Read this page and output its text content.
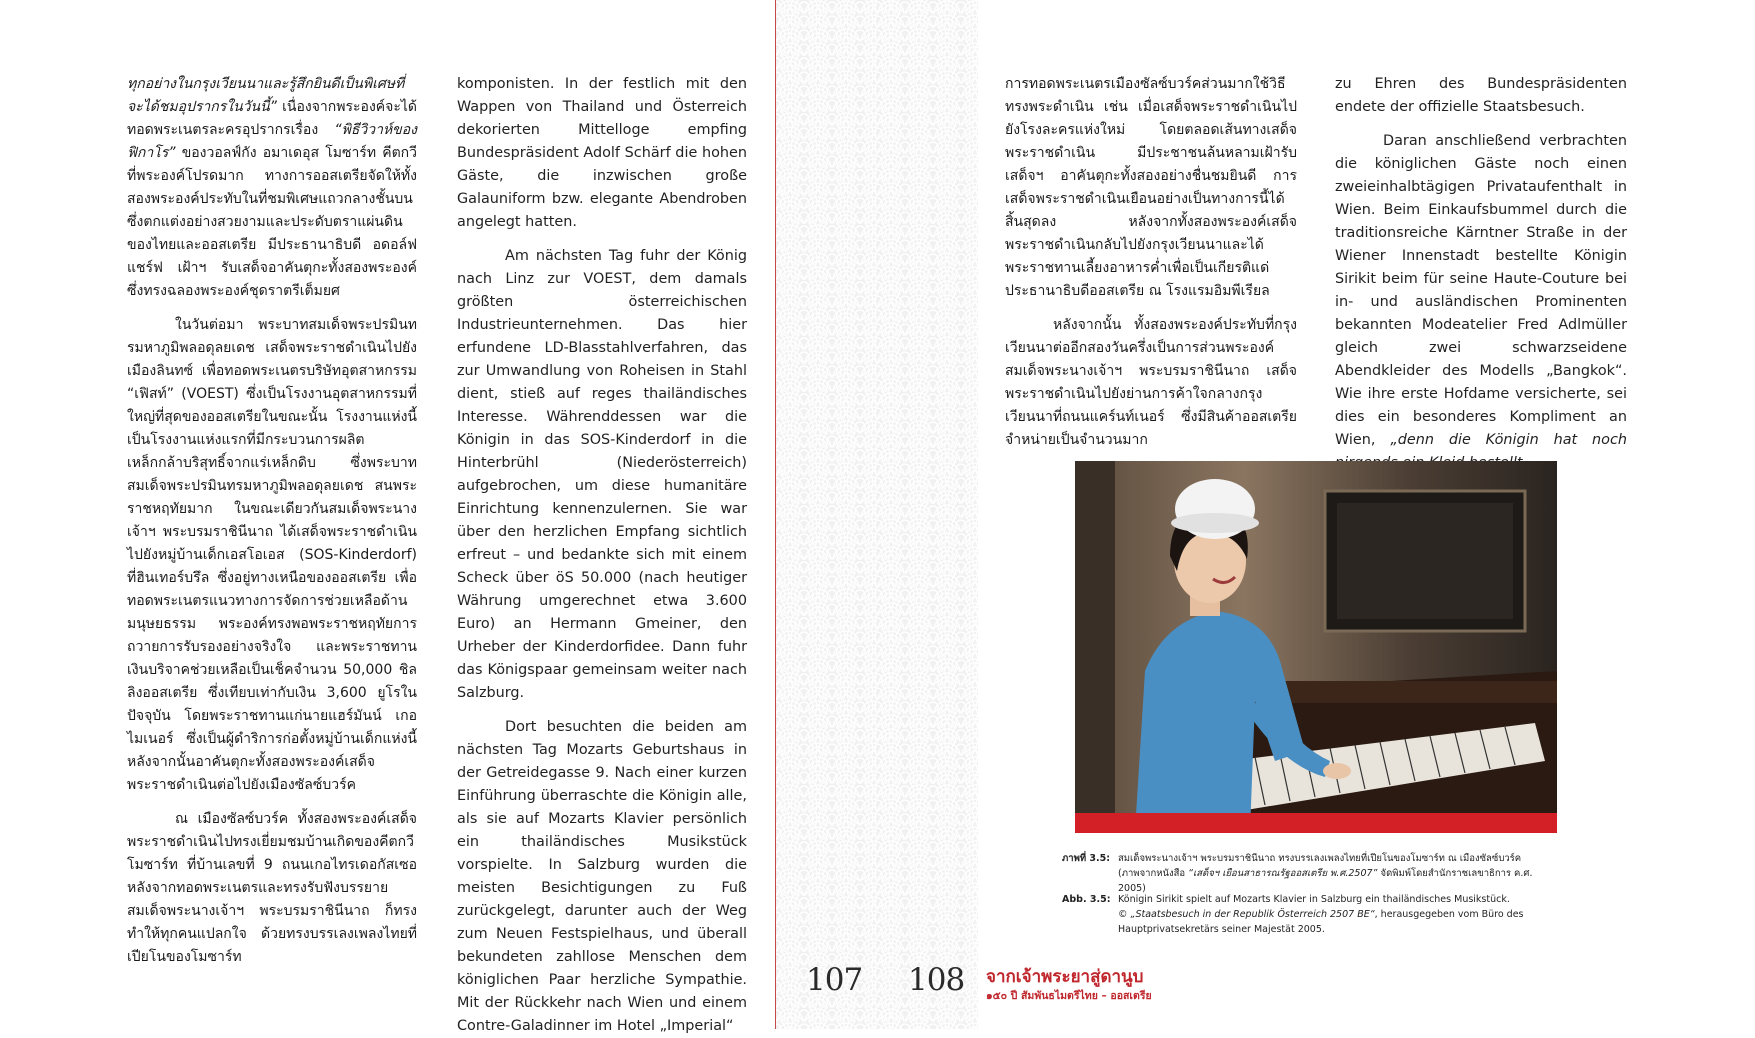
ทุกอย่างในกรุงเวียนนาและรู้สึกยินดีเป็นพิเศษที่จะได้ชมอุปรากรในวันนี้” เนื่องจากพระองค์จะได้ทอดพระเนตรละครอุปรากรเรื่อง “พิธีวิวาห์ของฟิกาโร” ของวอลฟ์กัง อมาเดอุส โมซาร์ท คีตกวีที่พระองค์โปรดมาก ทางการออสเตรียจัดให้ทั้งสองพระองค์ประทับในที่ชมพิเศษแถวกลางชั้นบนซึ่งตกแต่งอย่างสวยงามและประดับตราแผ่นดินของไทยและออสเตรีย มีประธานาธิบดี อดอล์ฟ แชร์ฟ เฝ้าฯ รับเสด็จอาคันตุกะทั้งสองพระองค์ ซึ่งทรงฉลองพระองค์ชุดราตรีเต็มยศ

ในวันต่อมา พระบาทสมเด็จพระปรมินทรมหาภูมิพลอดุลยเดช เสด็จพระราชดำเนินไปยังเมืองลินทซ์ เพื่อทอดพระเนตรบริษัทอุตสาหกรรม “เฟิสท์” (VOEST) ซึ่งเป็นโรงงานอุตสาหกรรมที่ใหญ่ที่สุดของออสเตรียในขณะนั้น โรงงานแห่งนี้เป็นโรงงานแห่งแรกที่มีกระบวนการผลิตเหล็กกล้าบริสุทธิ์จากแร่เหล็กดิบ ซึ่งพระบาทสมเด็จพระปรมินทรมหาภูมิพลอดุลยเดช สนพระราชหฤทัยมาก ในขณะเดียวกันสมเด็จพระนางเจ้าฯ พระบรมราชินีนาถ ได้เสด็จพระราชดำเนินไปยังหมู่บ้านเด็กเอสโอเอส (SOS-Kinderdorf) ที่ฮินเทอร์บรึล ซึ่งอยู่ทางเหนือของออสเตรีย เพื่อทอดพระเนตรแนวทางการจัดการช่วยเหลือด้านมนุษยธรรม พระองค์ทรงพอพระราชหฤทัยการถวายการรับรองอย่างจริงใจ และพระราชทานเงินบริจาคช่วยเหลือเป็นเช็คจำนวน 50,000 ชิลลิงออสเตรีย ซึ่งเทียบเท่ากับเงิน 3,600 ยูโรในปัจจุบัน โดยพระราชทานแก่นายแฮร์มันน์ เกอไมเนอร์ ซึ่งเป็นผู้ดำริการก่อตั้งหมู่บ้านเด็กแห่งนี้ หลังจากนั้นอาคันตุกะทั้งสองพระองค์เสด็จพระราชดำเนินต่อไปยังเมืองซัลซ์บวร์ค

ณ เมืองซัลซ์บวร์ค ทั้งสองพระองค์เสด็จพระราชดำเนินไปทรงเยี่ยมชมบ้านเกิดของคีตกวีโมซาร์ท ที่บ้านเลขที่ 9 ถนนเกอไทรเดอกัสเซอ หลังจากทอดพระเนตรและทรงรับฟังบรรยาย สมเด็จพระนางเจ้าฯ พระบรมราชินีนาถ ก็ทรงทำให้ทุกคนแปลกใจ ด้วยทรงบรรเลงเพลงไทยที่เปียโนของโมซาร์ท

komponisten. In der festlich mit den Wappen von Thailand und Österreich dekorierten Mittelloge empfing Bundespräsident Adolf Schärf die hohen Gäste, die inzwischen große Galauniform bzw. elegante Abendroben angelegt hatten.

Am nächsten Tag fuhr der König nach Linz zur VOEST, dem damals größten österreichischen Industrieunternehmen. Das hier erfundene LD-Blasstahlverfahren, das zur Umwandlung von Roheisen in Stahl dient, stieß auf reges thailändisches Interesse. Währenddessen war die Königin in das SOS-Kinderdorf in die Hinterbrühl (Niederösterreich) aufgebrochen, um diese humanitäre Einrichtung kennenzulernen. Sie war über den herzlichen Empfang sichtlich erfreut – und bedankte sich mit einem Scheck über öS 50.000 (nach heutiger Währung umgerechnet etwa 3.600 Euro) an Hermann Gmeiner, den Urheber der Kinderdorfidee. Dann fuhr das Königspaar gemeinsam weiter nach Salzburg.

Dort besuchten die beiden am nächsten Tag Mozarts Geburtshaus in der Getreidegasse 9. Nach einer kurzen Einführung überraschte die Königin alle, als sie auf Mozarts Klavier persönlich ein thailändisches Musikstück vorspielte. In Salzburg wurden die meisten Besichtigungen zu Fuß zurückgelegt, darunter auch der Weg zum Neuen Festspielhaus, und überall bekundeten zahllose Menschen dem königlichen Paar herzliche Sympathie. Mit der Rückkehr nach Wien und einem Contre-Galadinner im Hotel „Imperial“

107 108

การทอดพระเนตรเมืองซัลซ์บวร์คส่วนมากใช้วิธีทรงพระดำเนิน เช่น เมื่อเสด็จพระราชดำเนินไปยังโรงละครแห่งใหม่ โดยตลอดเส้นทางเสด็จพระราชดำเนิน มีประชาชนล้นหลามเฝ้ารับเสด็จฯ อาคันตุกะทั้งสองอย่างชื่นชมยินดี การเสด็จพระราชดำเนินเยือนอย่างเป็นทางการนี้ได้สิ้นสุดลง หลังจากทั้งสองพระองค์เสด็จพระราชดำเนินกลับไปยังกรุงเวียนนาและได้พระราชทานเลี้ยงอาหารค่ำเพื่อเป็นเกียรติแด่ประธานาธิบดีออสเตรีย ณ โรงแรมอิมพีเรียล

หลังจากนั้น ทั้งสองพระองค์ประทับที่กรุงเวียนนาต่ออีกสองวันครึ่งเป็นการส่วนพระองค์ สมเด็จพระนางเจ้าฯ พระบรมราชินีนาถ เสด็จพระราชดำเนินไปยังย่านการค้าใจกลางกรุงเวียนนาที่ถนนแคร์นท์เนอร์ ซึ่งมีสินค้าออสเตรียจำหน่ายเป็นจำนวนมาก

zu Ehren des Bundespräsidenten endete der offizielle Staatsbesuch.

Daran anschließend verbrachten die königlichen Gäste noch einen zweieinhalbtägigen Privataufenthalt in Wien. Beim Einkaufsbummel durch die traditionsreiche Kärntner Straße in der Wiener Innenstadt bestellte Königin Sirikit beim für seine Haute-Couture bei in- und ausländischen Prominenten bekannten Modeatelier Fred Adlmüller gleich zwei schwarzseidene Abendkleider des Modells „Bangkok“. Wie ihre erste Hofdame versicherte, sei dies ein besonderes Kompliment an Wien, „denn die Königin hat noch

ภาพที่ 3.5: สมเด็จพระนางเจ้าฯ พระบรมราชินีนาถ ทรงบรรเลงเพลงไทยที่เปียโนของโมซาร์ท ณ เมืองซัลซ์บวร์ค
(ภาพจากหนังสือ “เสด็จฯ เยือนสาธารณรัฐออสเตรีย พ.ศ.2507” จัดพิมพ์โดยสำนักราชเลขาธิการ ค.ศ. 2005)
Abb. 3.5: Königin Sirikit spielt auf Mozarts Klavier in Salzburg ein thailändisches Musikstück.
© „Staatsbesuch in der Republik Österreich 2507 BE“, herausgegeben vom Büro des Hauptprivatsekretärs seiner Majestät 2005.
จากเจ้าพระยาสู่ดานูบ
๑๕๐ ปี สัมพันธไมตรีไทย – ออสเตรีย
